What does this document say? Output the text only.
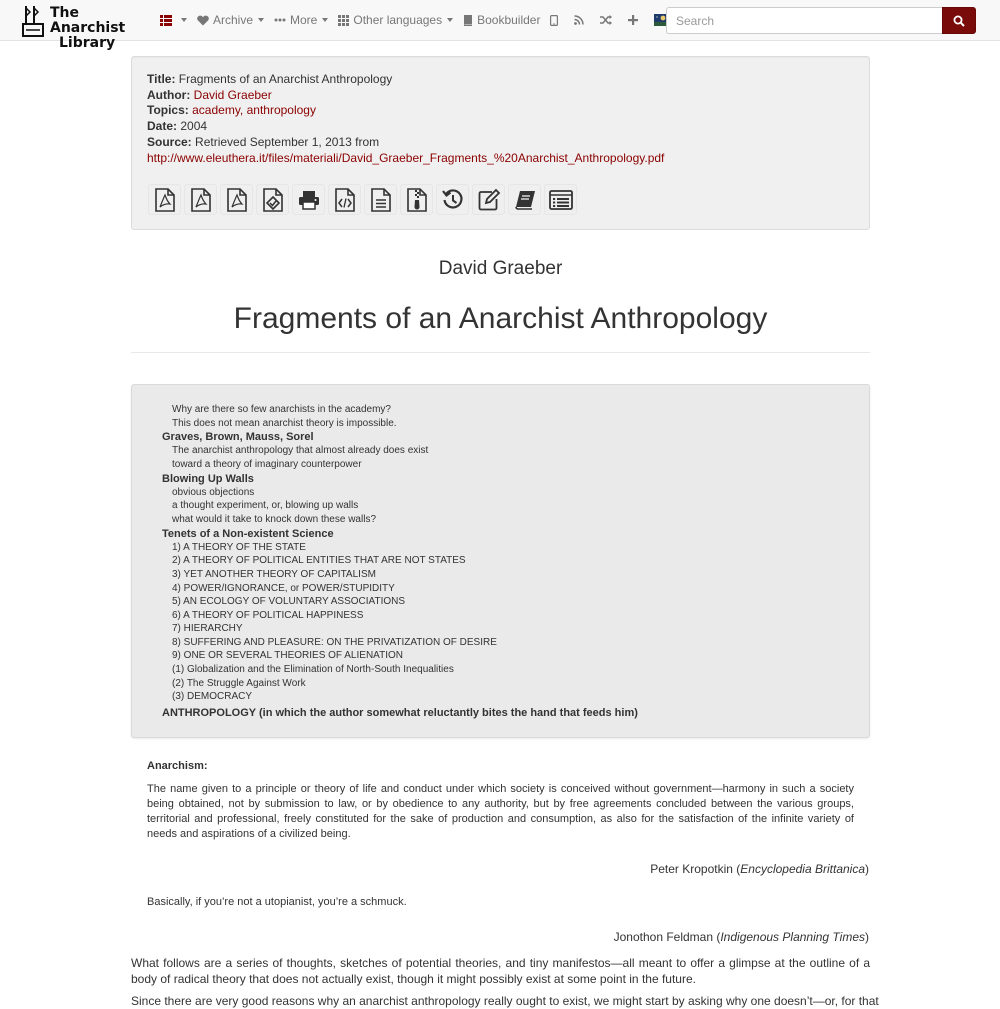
The Anarchist
Library
Archive	More	Other languages	Bookbuilder
Search
Title: Fragments of an Anarchist Anthropology
Author: David Graeber
Topics: academy, anthropology
Date: 2004
Source: Retrieved September 1, 2013 from
http://www.eleuthera.it/files/materiali/David_Graeber_Fragments_%20Anarchist_Anthropology.pdf
David Graeber
Fragments of an Anarchist Anthropology
Why are there so few anarchists in the academy?
This does not mean anarchist theory is impossible.
Graves, Brown, Mauss, Sorel
The anarchist anthropology that almost already does exist
toward a theory of imaginary counterpower
Blowing Up Walls
obvious objections
a thought experiment, or, blowing up walls
what would it take to knock down these walls?
Tenets of a Non-existent Science
1) A THEORY OF THE STATE
2) A THEORY OF POLITICAL ENTITIES THAT ARE NOT STATES
3) YET ANOTHER THEORY OF CAPITALISM
4) POWER/IGNORANCE, or POWER/STUPIDITY
5) AN ECOLOGY OF VOLUNTARY ASSOCIATIONS
6) A THEORY OF POLITICAL HAPPINESS
7) HIERARCHY
8) SUFFERING AND PLEASURE: ON THE PRIVATIZATION OF DESIRE
9) ONE OR SEVERAL THEORIES OF ALIENATION
(1) Globalization and the Elimination of North-South Inequalities
(2) The Struggle Against Work
(3) DEMOCRACY
ANTHROPOLOGY (in which the author somewhat reluctantly bites the hand that feeds him)
Anarchism:
The name given to a principle or theory of life and conduct under which society is conceived without government—harmony in such a society being obtained, not by submission to law, or by obedience to any authority, but by free agreements concluded between the various groups, territorial and professional, freely constituted for the sake of production and consumption, as also for the satisfaction of the infinite variety of needs and aspirations of a civilized being.
Peter Kropotkin (Encyclopedia Brittanica)
Basically, if you’re not a utopianist, you’re a schmuck.
Jonothon Feldman (Indigenous Planning Times)
What follows are a series of thoughts, sketches of potential theories, and tiny manifestos—all meant to offer a glimpse at the outline of a body of radical theory that does not actually exist, though it might possibly exist at some point in the future.
Since there are very good reasons why an anarchist anthropology really ought to exist, we might start by asking why one doesn’t—or, for that
